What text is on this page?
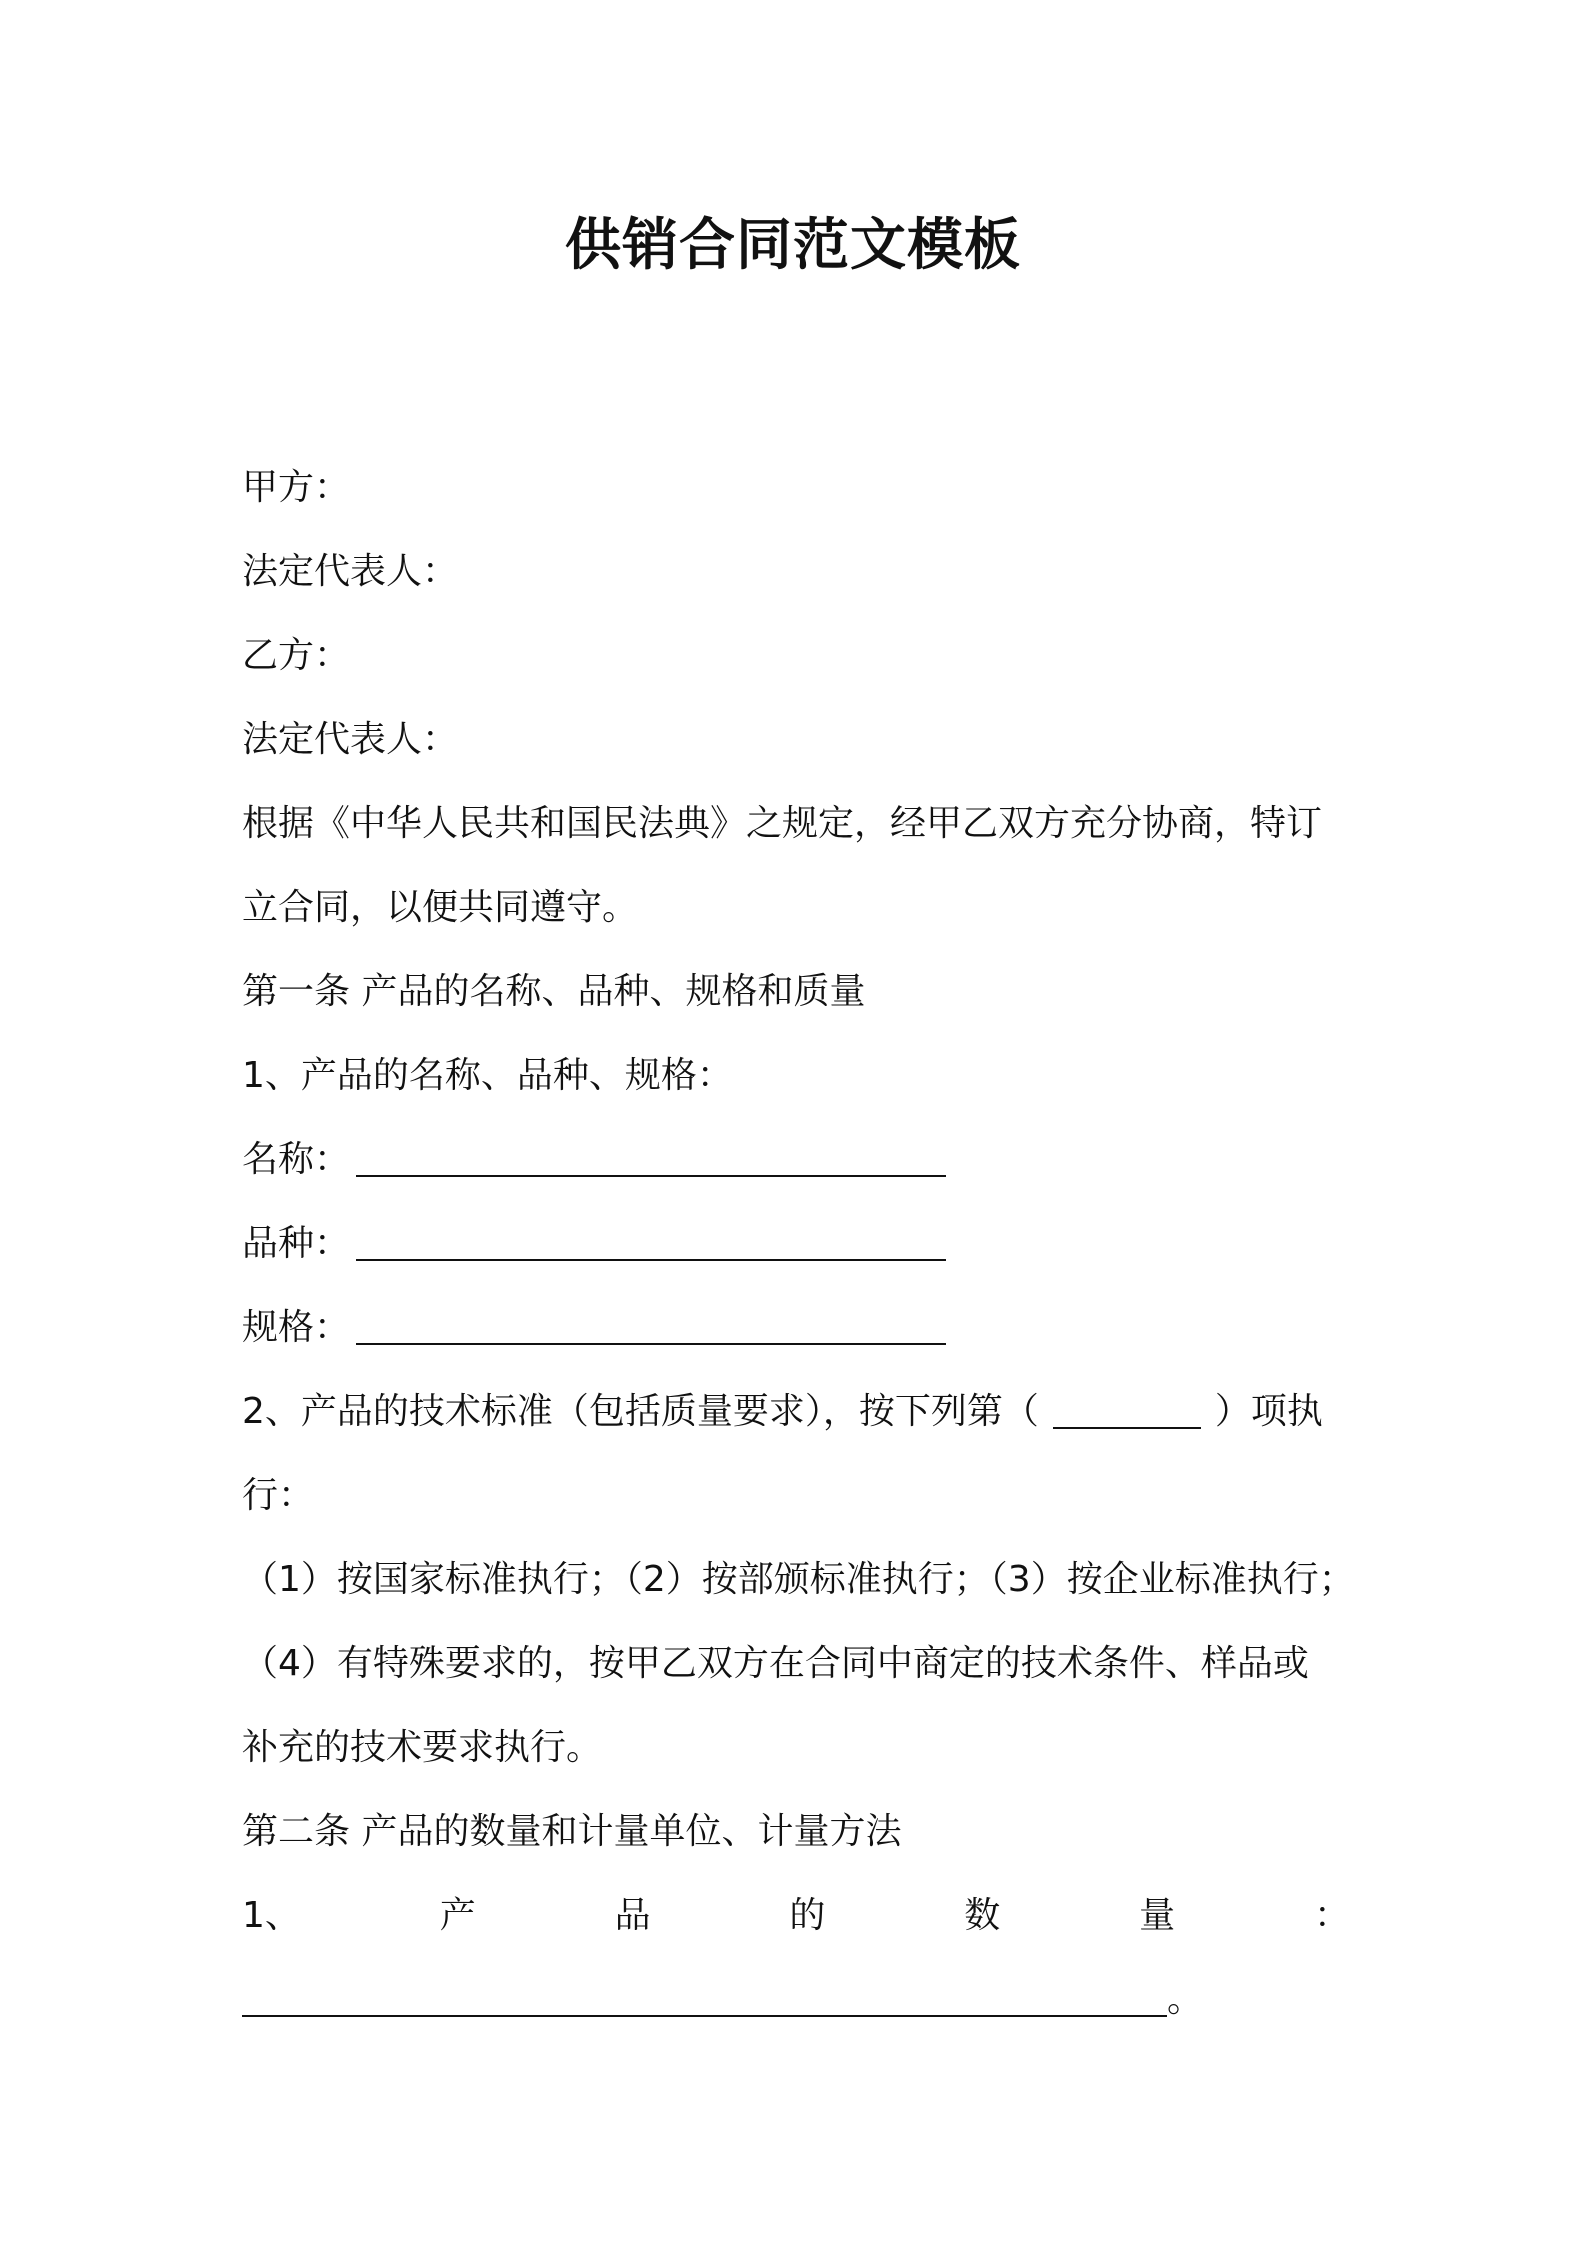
供销合同范文模板
甲方：
法定代表人：
乙方：
法定代表人：
根据《中华人民共和国民法典》之规定，经甲乙双方充分协商，特订
立合同，以便共同遵守。
第一条 产品的名称、品种、规格和质量
1、产品的名称、品种、规格：
名称：
品种：
规格：
2、产品的技术标准（包括质量要求），按下列第（	）项执
行：
（1）按国家标准执行；（2）按部颁标准执行；（3）按企业标准执行；
（4）有特殊要求的，按甲乙双方在合同中商定的技术条件、样品或
补充的技术要求执行。
第二条 产品的数量和计量单位、计量方法
1、	产	品	的	数	量	：
。
